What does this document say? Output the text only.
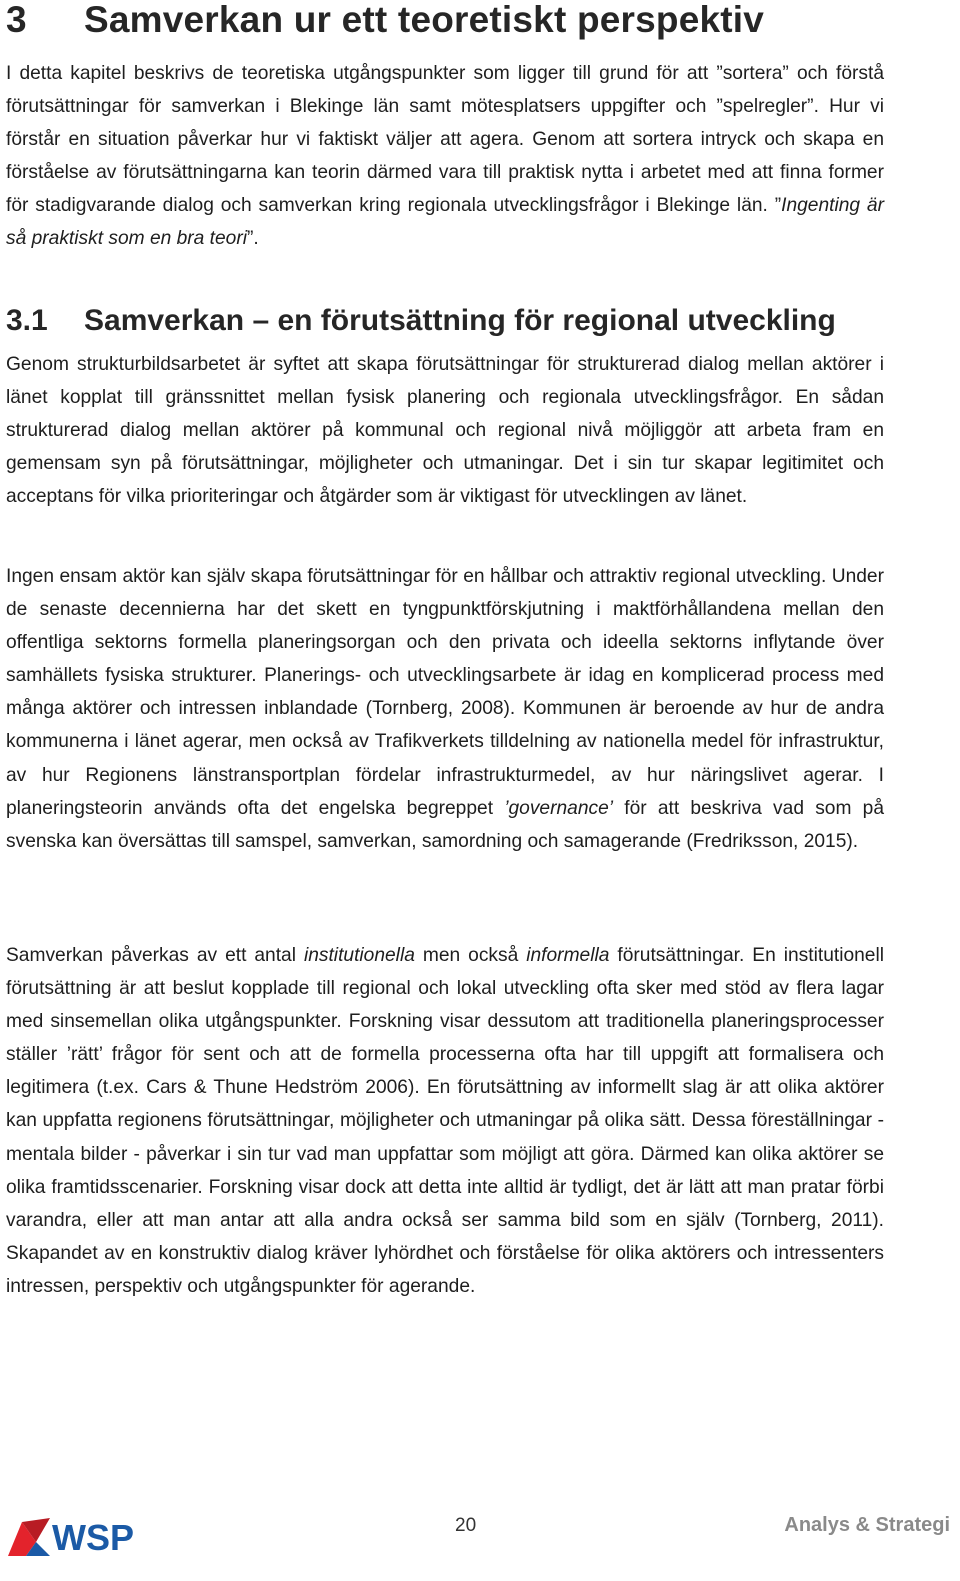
3 Samverkan ur ett teoretiskt perspektiv

I detta kapitel beskrivs de teoretiska utgångspunkter som ligger till grund för att ”sortera” och förstå förutsättningar för samverkan i Blekinge län samt mötesplatsers uppgifter och ”spelregler”. Hur vi förstår en situation påverkar hur vi faktiskt väljer att agera. Genom att sortera intryck och skapa en förståelse av förutsättningarna kan teorin därmed vara till praktisk nytta i arbetet med att finna former för stadigvarande dialog och samverkan kring regionala utvecklingsfrågor i Blekinge län. ”Ingenting är så praktiskt som en bra teori”.

3.1 Samverkan – en förutsättning för regional utveckling

Genom strukturbildsarbetet är syftet att skapa förutsättningar för strukturerad dialog mellan aktörer i länet kopplat till gränssnittet mellan fysisk planering och regionala utvecklingsfrågor. En sådan strukturerad dialog mellan aktörer på kommunal och regional nivå möjliggör att arbeta fram en gemensam syn på förutsättningar, möjligheter och utmaningar. Det i sin tur skapar legitimitet och acceptans för vilka prioriteringar och åtgärder som är viktigast för utvecklingen av länet.

Ingen ensam aktör kan själv skapa förutsättningar för en hållbar och attraktiv regional utveckling. Under de senaste decennierna har det skett en tyngpunktförskjutning i maktförhållandena mellan den offentliga sektorns formella planeringsorgan och den privata och ideella sektorns inflytande över samhällets fysiska strukturer. Planerings- och utvecklingsarbete är idag en komplicerad process med många aktörer och intressen inblandade (Tornberg, 2008). Kommunen är beroende av hur de andra kommunerna i länet agerar, men också av Trafikverkets tilldelning av nationella medel för infrastruktur, av hur Regionens länstransportplan fördelar infrastrukturmedel, av hur näringslivet agerar. I planeringsteorin används ofta det engelska begreppet ’governance’ för att beskriva vad som på svenska kan översättas till samspel, samverkan, samordning och samagerande (Fredriksson, 2015).

Samverkan påverkas av ett antal institutionella men också informella förutsättningar. En institutionell förutsättning är att beslut kopplade till regional och lokal utveckling ofta sker med stöd av flera lagar med sinsemellan olika utgångspunkter. Forskning visar dessutom att traditionella planeringsprocesser ställer ’rätt’ frågor för sent och att de formella processerna ofta har till uppgift att formalisera och legitimera (t.ex. Cars & Thune Hedström 2006). En förutsättning av informellt slag är att olika aktörer kan uppfatta regionens förutsättningar, möjligheter och utmaningar på olika sätt. Dessa föreställningar - mentala bilder - påverkar i sin tur vad man uppfattar som möjligt att göra. Därmed kan olika aktörer se olika framtidsscenarier. Forskning visar dock att detta inte alltid är tydligt, det är lätt att man pratar förbi varandra, eller att man antar att alla andra också ser samma bild som en själv (Tornberg, 2011). Skapandet av en konstruktiv dialog kräver lyhördhet och förståelse för olika aktörers och intressenters intressen, perspektiv och utgångspunkter för agerande.

WSP	20	Analys & Strategi
